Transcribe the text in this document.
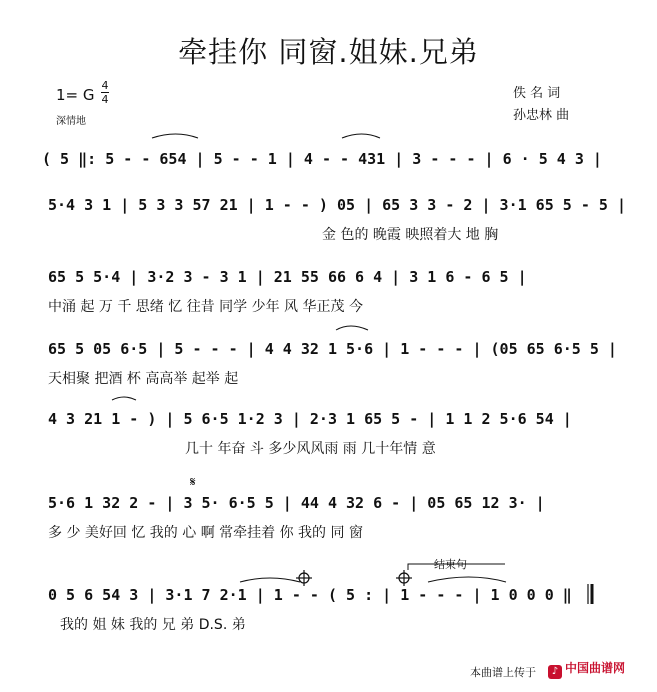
牵挂你 同窗.姐妹.兄弟
1= G
4
4
深情地
佚 名 词
孙忠林 曲
( 5 ‖: 5 - - 654 | 5 - - 1 | 4 - - 431 | 3 - - - | 6 · 5 4 3 |
5·4 3 1 | 5 3 3 57 21 | 1 - - ) 05 | 65 3 3 - 2 | 3·1 65 5 - 5 |
金 色的 晚霞 映照着大 地 胸
65 5 5·4 | 3·2 3 - 3 1 | 21 55 66 6 4 | 3 1 6 - 6 5 |
中涌 起 万 千 思绪 忆 往昔 同学 少年 风 华正茂 今
65 5 05 6·5 | 5 - - - | 4 4 32 1 5·6 | 1 - - - | (05 65 6·5 5 |
天相聚 把酒 杯 高高举 起举 起
4 3 21 1 - ) | 5 6·5 1·2 3 | 2·3 1 65 5 - | 1 1 2 5·6 54 |
几十 年奋 斗 多少风风雨 雨 几十年情 意
5·6 1 32 2 - | 3 5· 6·5 5 | 44 4 32 6 - | 05 65 12 3· |
多 少 美好回 忆 我的 心 啊 常牵挂着 你 我的 同 窗
0 5 6 54 3 | 3·1 7 2·1 | 1 - - ( 5 : | 1 - - - | 1 0 0 0 ‖
我的 姐 妹 我的 兄 弟 D.S. 弟
结束句
𝄋
本曲谱上传于	♪ 中国曲谱网
